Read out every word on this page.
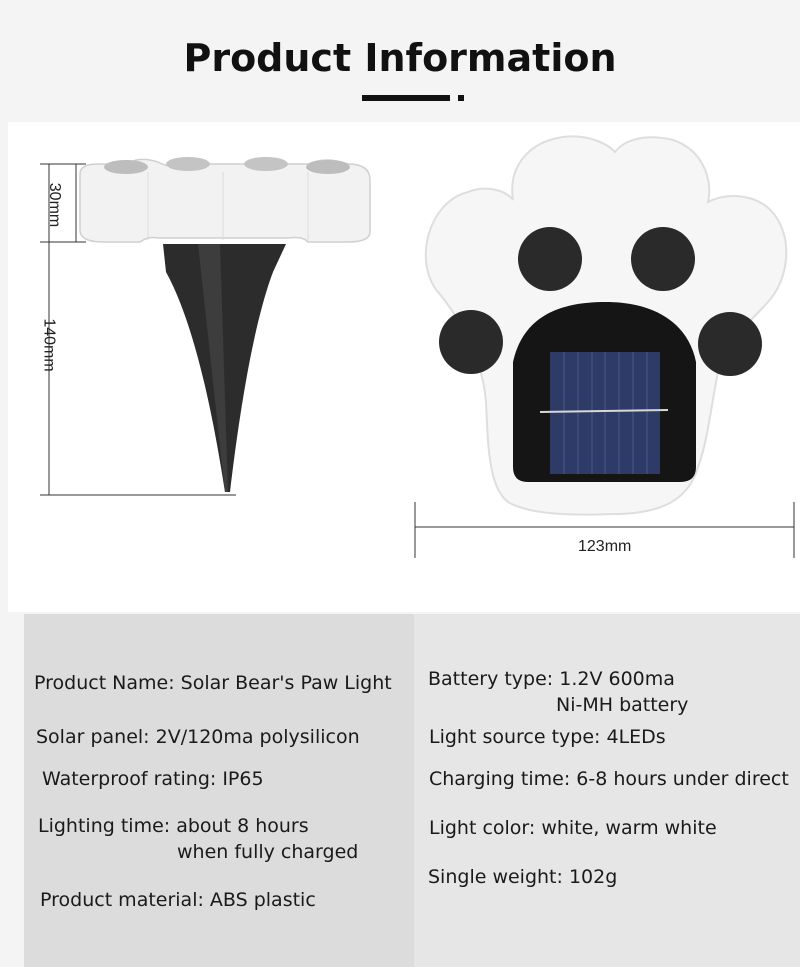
Product Information
30mm
140mm
123mm
Product Name: Solar Bear's Paw Light
Solar panel: 2V/120ma polysilicon
Waterproof rating: IP65
Lighting time: about 8 hours
when fully charged
Product material: ABS plastic
Battery type: 1.2V 600ma
Ni-MH battery
Light source type: 4LEDs
Charging time: 6-8 hours under direct
Light color: white, warm white
Single weight: 102g
